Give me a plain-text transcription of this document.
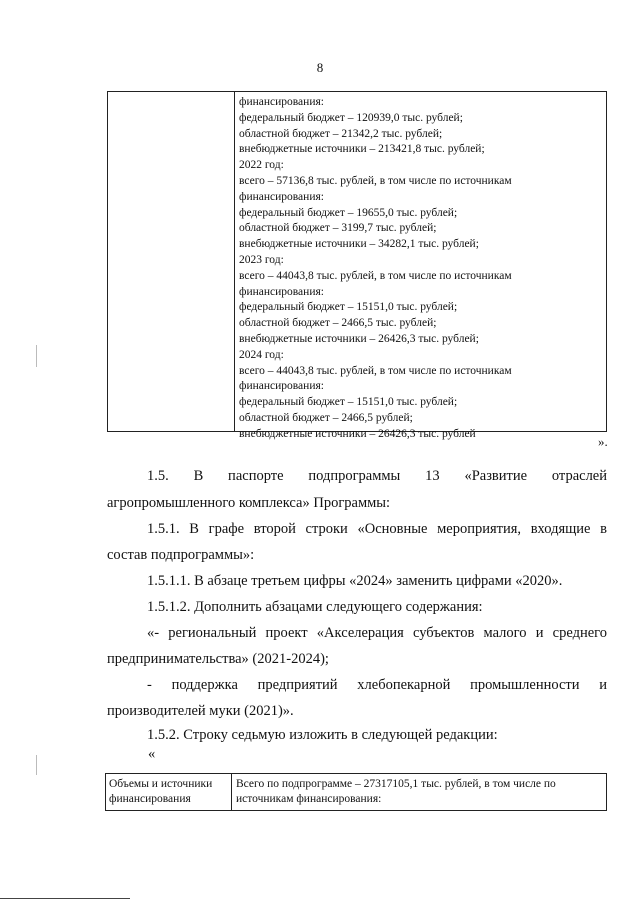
8
финансирования:
федеральный бюджет – 120939,0 тыс. рублей;
областной бюджет – 21342,2 тыс. рублей;
внебюджетные источники – 213421,8 тыс. рублей;
2022 год:
всего – 57136,8 тыс. рублей, в том числе по источникам
финансирования:
федеральный бюджет – 19655,0 тыс. рублей;
областной бюджет – 3199,7 тыс. рублей;
внебюджетные источники – 34282,1 тыс. рублей;
2023 год:
всего – 44043,8 тыс. рублей, в том числе по источникам
финансирования:
федеральный бюджет – 15151,0 тыс. рублей;
областной бюджет – 2466,5 тыс. рублей;
внебюджетные источники – 26426,3 тыс. рублей;
2024 год:
всего – 44043,8 тыс. рублей, в том числе по источникам
финансирования:
федеральный бюджет – 15151,0 тыс. рублей;
областной бюджет – 2466,5 рублей;
внебюджетные источники – 26426,3 тыс. рублей
».
1.5. В паспорте подпрограммы 13 «Развитие отраслей
агропромышленного комплекса» Программы:
1.5.1. В графе второй строки «Основные мероприятия, входящие в
состав подпрограммы»:
1.5.1.1. В абзаце третьем цифры «2024» заменить цифрами «2020».
1.5.1.2. Дополнить абзацами следующего содержания:
«- региональный проект «Акселерация субъектов малого и среднего
предпринимательства» (2021-2024);
- поддержка предприятий хлебопекарной промышленности и
производителей муки (2021)».
1.5.2. Строку седьмую изложить в следующей редакции:
«
Объемы и источники финансирования
Всего по подпрограмме – 27317105,1 тыс. рублей, в том числе по источникам финансирования:
